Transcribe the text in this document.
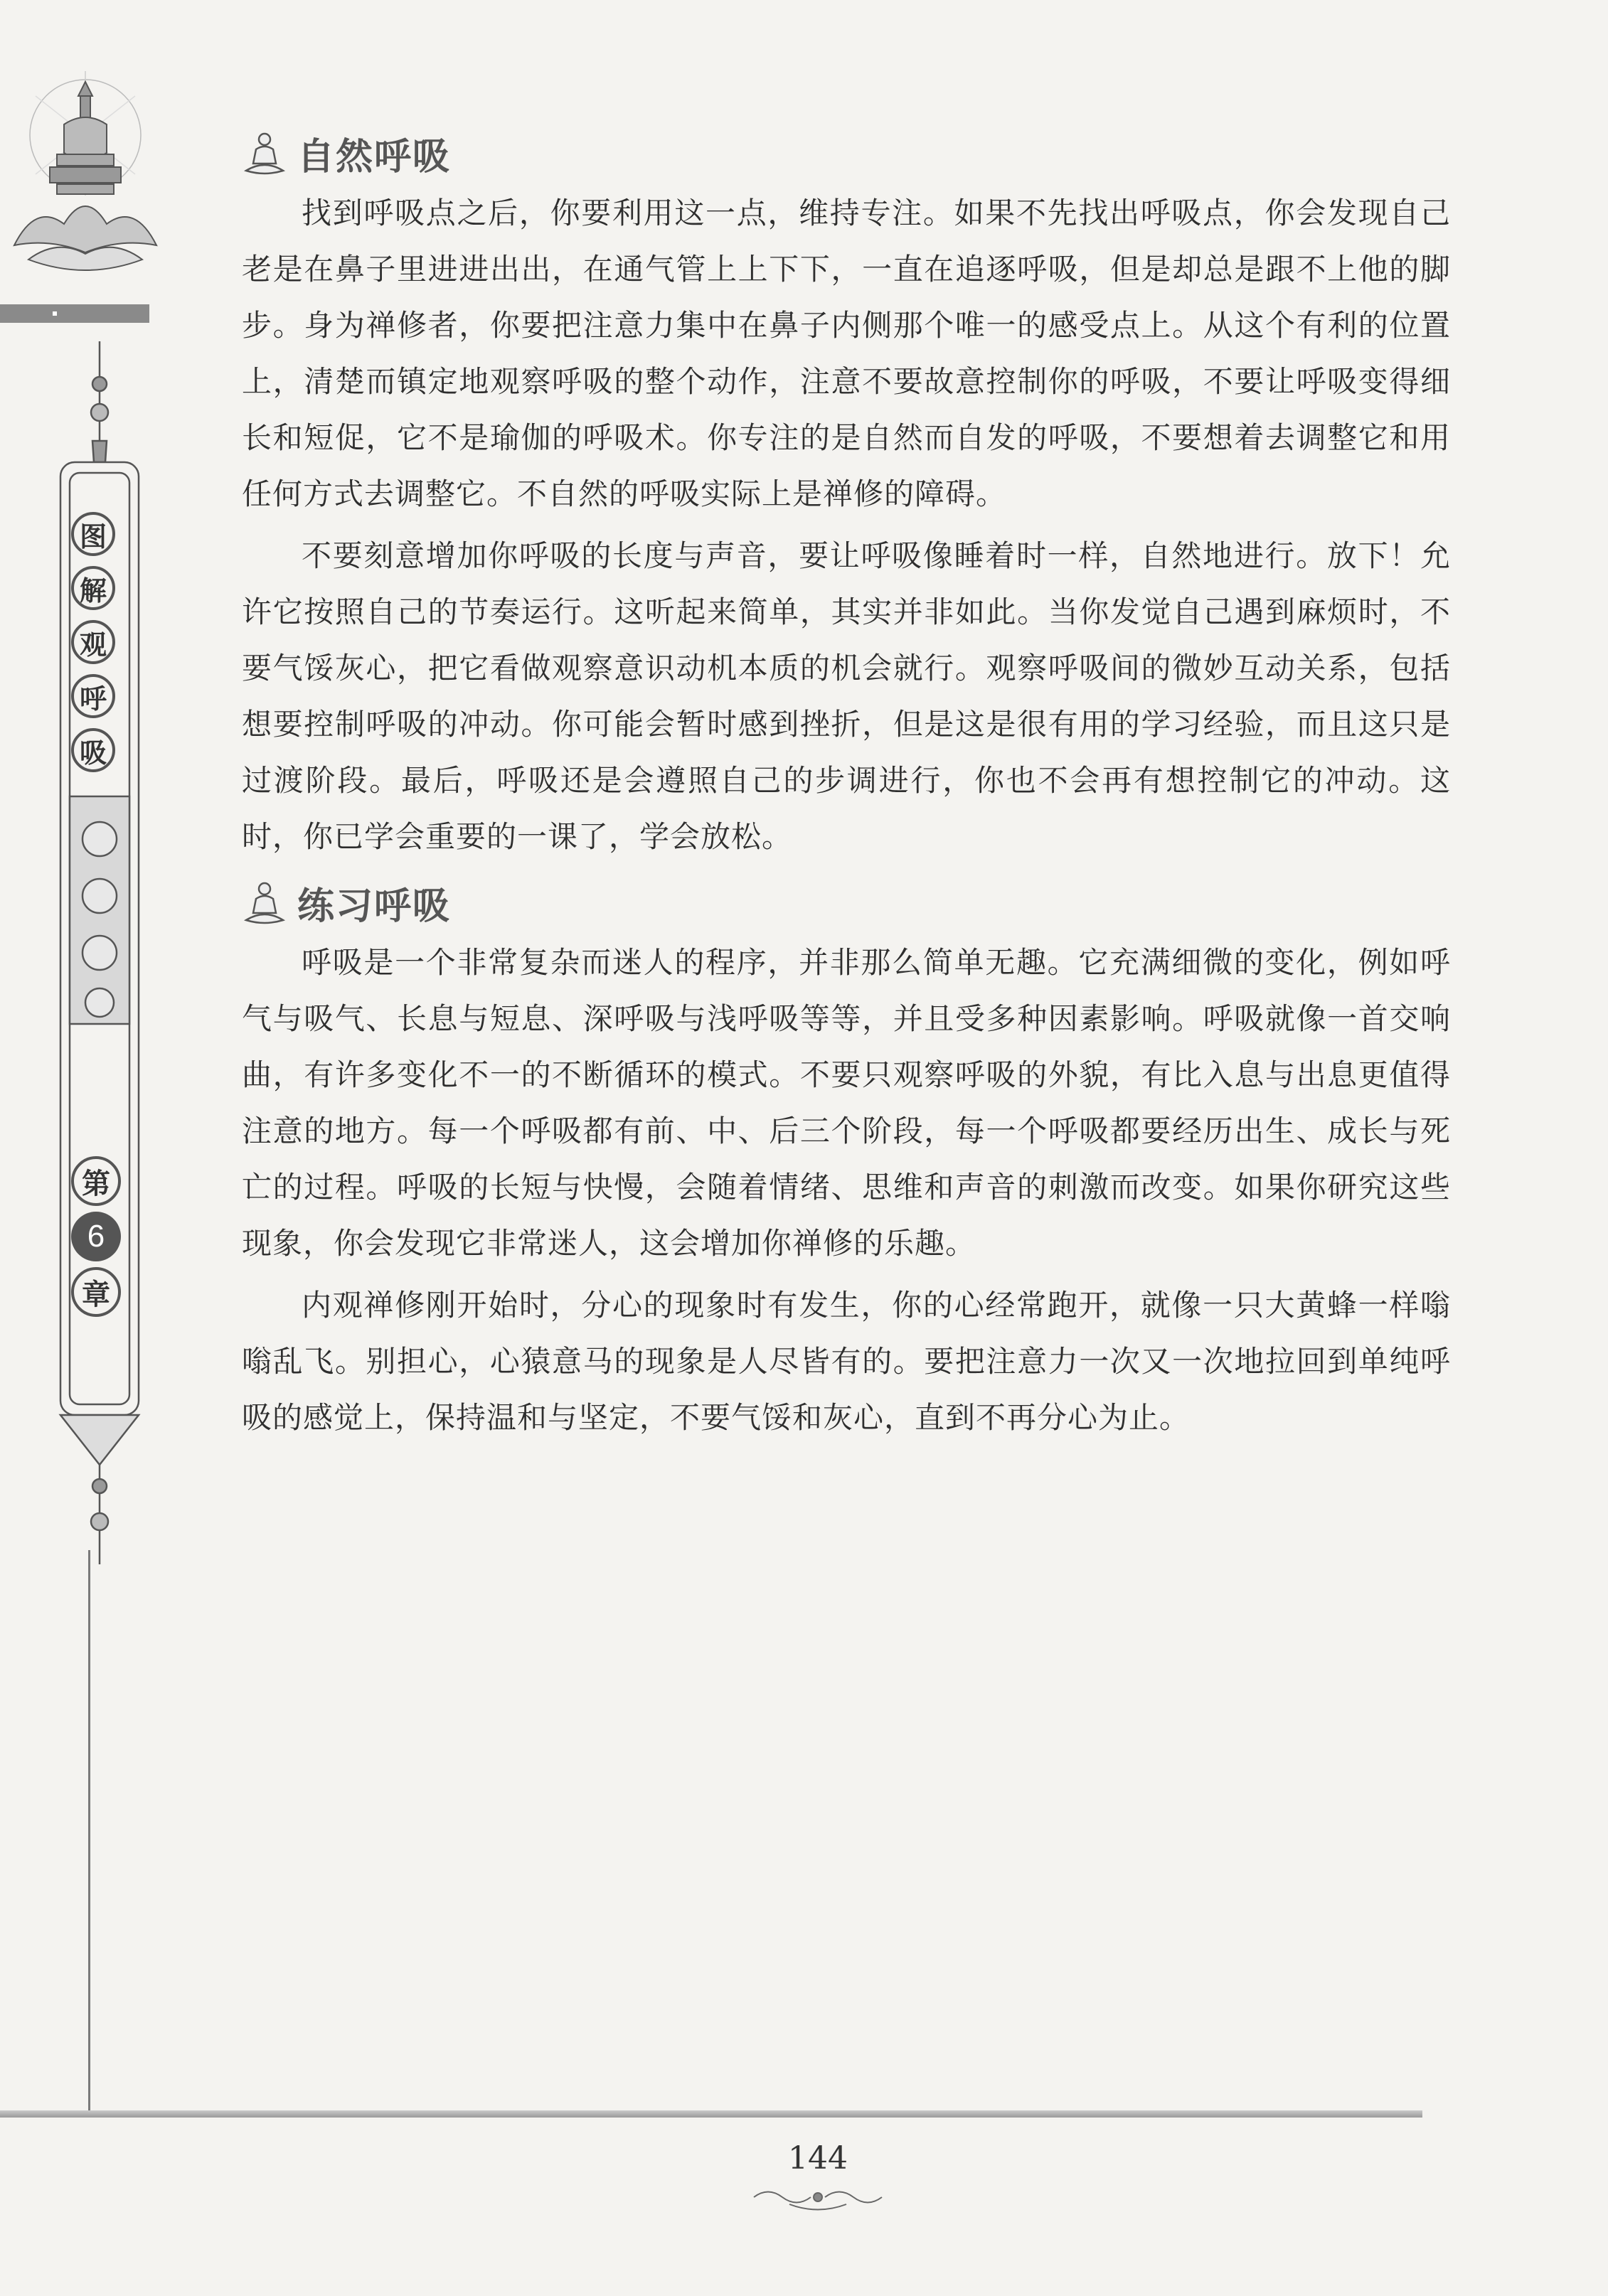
图
解
观
呼
吸
第
6
章
自然呼吸

找到呼吸点之后，你要利用这一点，维持专注。如果不先找出呼吸点，你会发现自己老是在鼻子里进进出出，在通气管上上下下，一直在追逐呼吸，但是却总是跟不上他的脚步。身为禅修者，你要把注意力集中在鼻子内侧那个唯一的感受点上。从这个有利的位置上，清楚而镇定地观察呼吸的整个动作，注意不要故意控制你的呼吸，不要让呼吸变得细长和短促，它不是瑜伽的呼吸术。你专注的是自然而自发的呼吸，不要想着去调整它和用任何方式去调整它。不自然的呼吸实际上是禅修的障碍。

不要刻意增加你呼吸的长度与声音，要让呼吸像睡着时一样，自然地进行。放下！允许它按照自己的节奏运行。这听起来简单，其实并非如此。当你发觉自己遇到麻烦时，不要气馁灰心，把它看做观察意识动机本质的机会就行。观察呼吸间的微妙互动关系，包括想要控制呼吸的冲动。你可能会暂时感到挫折，但是这是很有用的学习经验，而且这只是过渡阶段。最后，呼吸还是会遵照自己的步调进行，你也不会再有想控制它的冲动。这时，你已学会重要的一课了，学会放松。

练习呼吸

呼吸是一个非常复杂而迷人的程序，并非那么简单无趣。它充满细微的变化，例如呼气与吸气、长息与短息、深呼吸与浅呼吸等等，并且受多种因素影响。呼吸就像一首交响曲，有许多变化不一的不断循环的模式。不要只观察呼吸的外貌，有比入息与出息更值得注意的地方。每一个呼吸都有前、中、后三个阶段，每一个呼吸都要经历出生、成长与死亡的过程。呼吸的长短与快慢，会随着情绪、思维和声音的刺激而改变。如果你研究这些现象，你会发现它非常迷人，这会增加你禅修的乐趣。

内观禅修刚开始时，分心的现象时有发生，你的心经常跑开，就像一只大黄蜂一样嗡嗡乱飞。别担心，心猿意马的现象是人尽皆有的。要把注意力一次又一次地拉回到单纯呼吸的感觉上，保持温和与坚定，不要气馁和灰心，直到不再分心为止。

144
